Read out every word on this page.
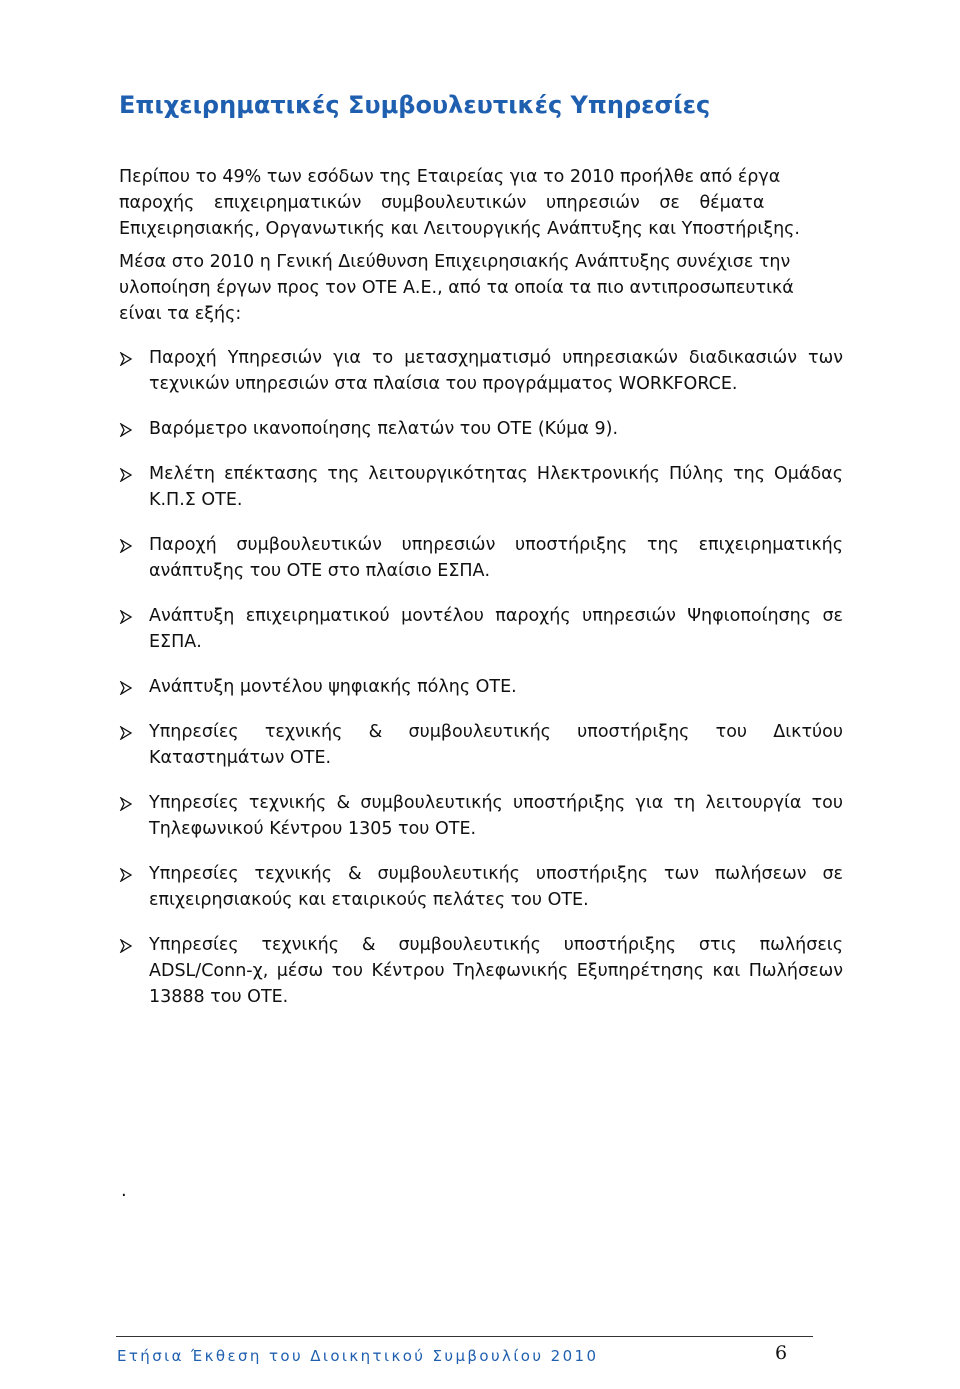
Επιχειρηματικές Συμβουλευτικές Υπηρεσίες

Περίπου το 49% των εσόδων της Εταιρείας για το 2010 προήλθε από έργα
παροχής επιχειρηματικών συμβουλευτικών υπηρεσιών σε θέματα
Επιχειρησιακής, Οργανωτικής και Λειτουργικής Ανάπτυξης και Υποστήριξης.

Μέσα στο 2010 η Γενική Διεύθυνση Επιχειρησιακής Ανάπτυξης συνέχισε την
υλοποίηση έργων προς τον ΟΤΕ Α.Ε., από τα οποία τα πιο αντιπροσωπευτικά
είναι τα εξής:

Παροχή Υπηρεσιών για το μετασχηματισμό υπηρεσιακών διαδικασιών των τεχνικών υπηρεσιών στα πλαίσια του προγράμματος WORKFORCE.
Βαρόμετρο ικανοποίησης πελατών του ΟΤΕ (Κύμα 9).
Μελέτη επέκτασης της λειτουργικότητας Ηλεκτρονικής Πύλης της Ομάδας Κ.Π.Σ ΟΤΕ.
Παροχή συμβουλευτικών υπηρεσιών υποστήριξης της επιχειρηματικής ανάπτυξης του ΟΤΕ στο πλαίσιο ΕΣΠΑ.
Ανάπτυξη επιχειρηματικού μοντέλου παροχής υπηρεσιών Ψηφιοποίησης σε ΕΣΠΑ.
Ανάπτυξη μοντέλου ψηφιακής πόλης ΟΤΕ.
Υπηρεσίες τεχνικής & συμβουλευτικής υποστήριξης του Δικτύου Καταστημάτων ΟΤΕ.
Υπηρεσίες τεχνικής & συμβουλευτικής υποστήριξης για τη λειτουργία του Τηλεφωνικού Κέντρου 1305 του ΟΤΕ.
Υπηρεσίες τεχνικής & συμβουλευτικής υποστήριξης των πωλήσεων σε επιχειρησιακούς και εταιρικούς πελάτες του ΟΤΕ.
Υπηρεσίες τεχνικής & συμβουλευτικής υποστήριξης στις πωλήσεις ADSL/Conn-χ, μέσω του Κέντρου Τηλεφωνικής Εξυπηρέτησης και Πωλήσεων 13888 του ΟΤΕ.
.
Ετήσια Έκθεση του Διοικητικού Συμβουλίου 2010	6
